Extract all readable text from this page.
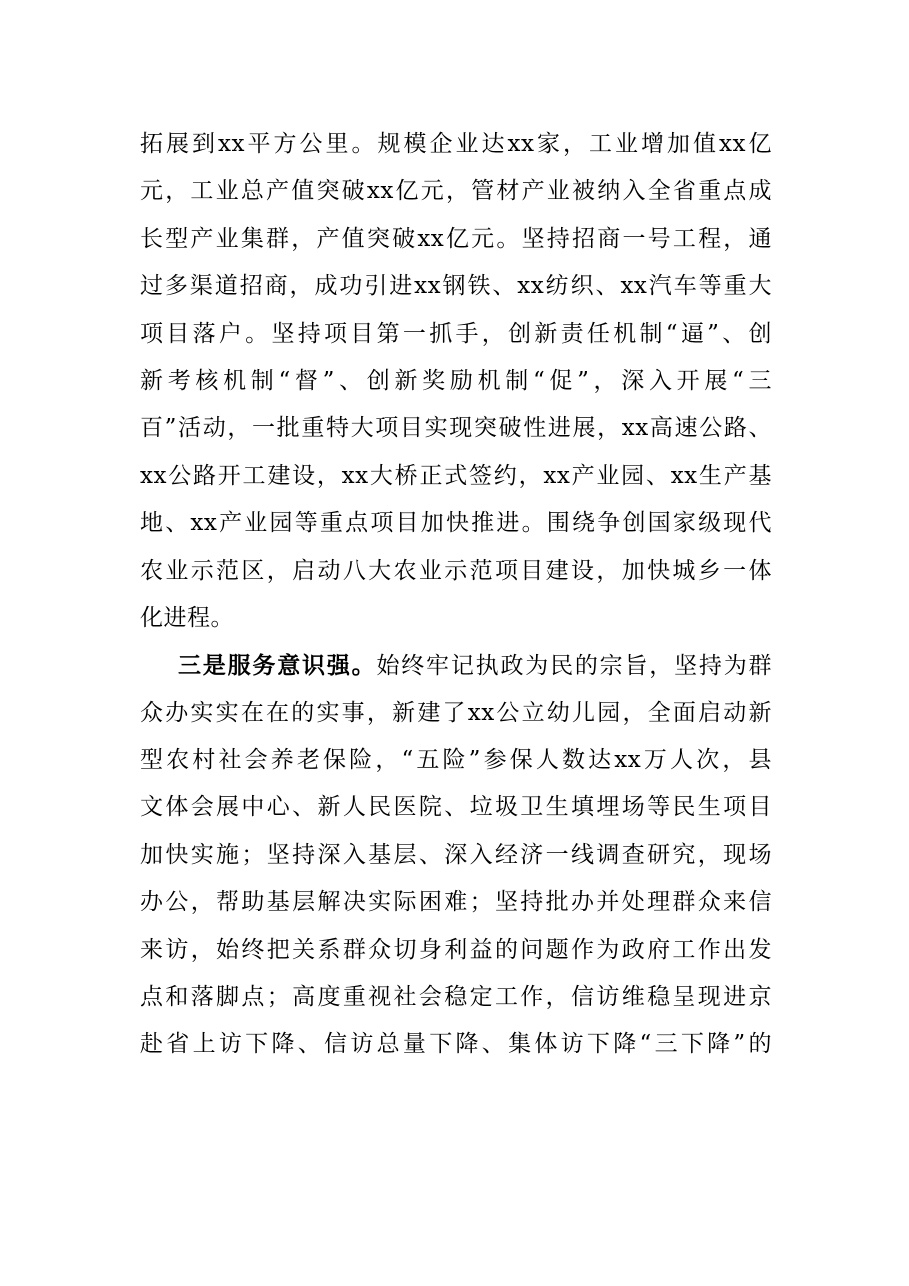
拓展到xx平方公里。规模企业达xx家，工业增加值xx亿
元，工业总产值突破xx亿元，管材产业被纳入全省重点成
长型产业集群，产值突破xx亿元。坚持招商一号工程，通
过多渠道招商，成功引进xx钢铁、xx纺织、xx汽车等重大
项目落户。坚持项目第一抓手，创新责任机制“逼”、创
新考核机制“督”、创新奖励机制“促”，深入开展“三
百”活动，一批重特大项目实现突破性进展，xx高速公路、
xx公路开工建设，xx大桥正式签约，xx产业园、xx生产基
地、xx产业园等重点项目加快推进。围绕争创国家级现代
农业示范区，启动八大农业示范项目建设，加快城乡一体
化进程。
三是服务意识强。始终牢记执政为民的宗旨，坚持为群
众办实实在在的实事，新建了xx公立幼儿园，全面启动新
型农村社会养老保险，“五险”参保人数达xx万人次，县
文体会展中心、新人民医院、垃圾卫生填埋场等民生项目
加快实施；坚持深入基层、深入经济一线调查研究，现场
办公，帮助基层解决实际困难；坚持批办并处理群众来信
来访，始终把关系群众切身利益的问题作为政府工作出发
点和落脚点；高度重视社会稳定工作，信访维稳呈现进京
赴省上访下降、信访总量下降、集体访下降“三下降”的
